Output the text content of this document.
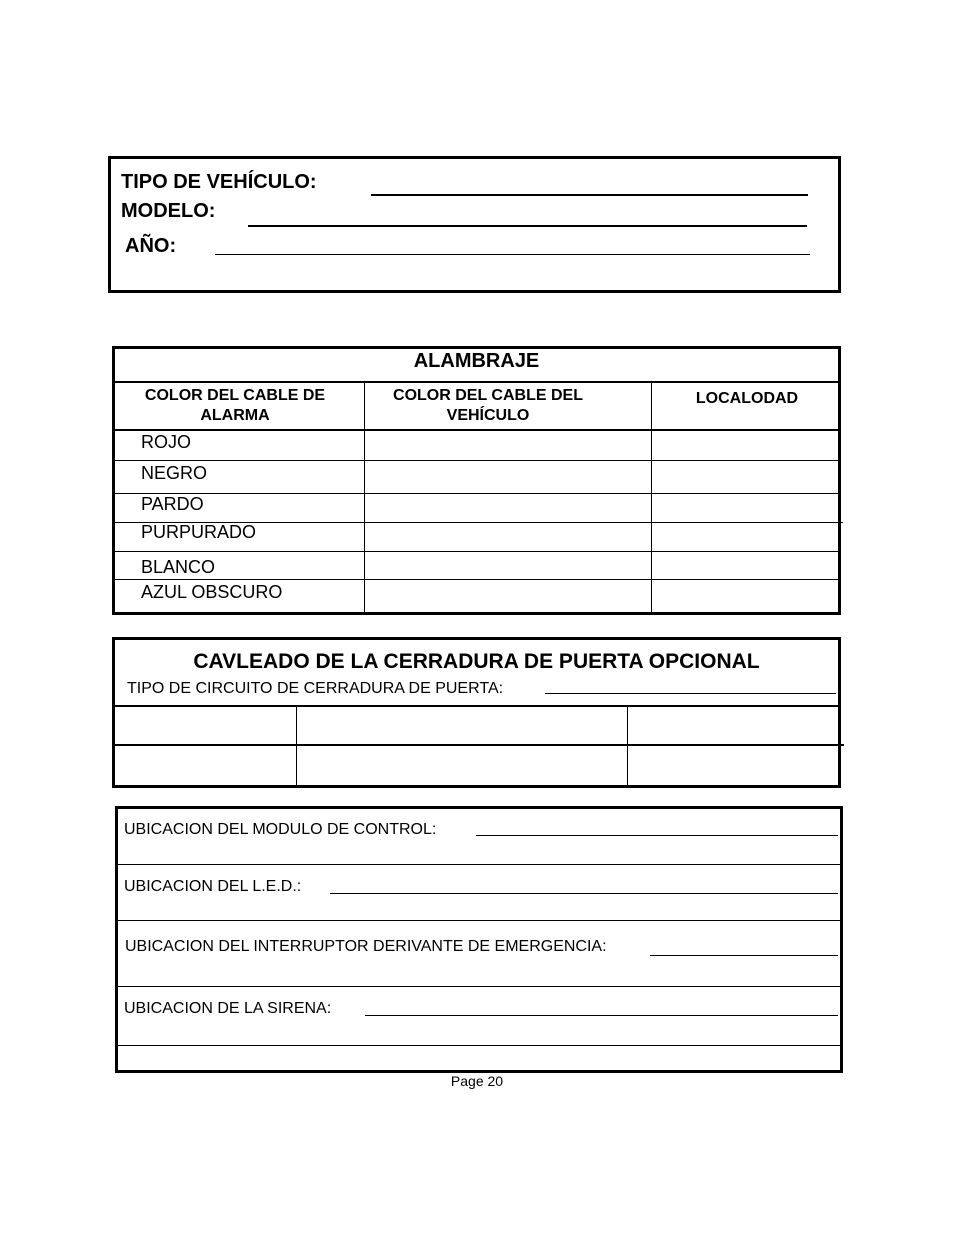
TIPO DE VEHÍCULO:
MODELO:
AÑO:
ALAMBRAJE
COLOR DEL CABLE DE ALARMA
COLOR DEL CABLE DEL VEHÍCULO
LOCALODAD
ROJO
NEGRO
PARDO
PURPURADO
BLANCO
AZUL OBSCURO
CAVLEADO DE LA CERRADURA DE PUERTA OPCIONAL
TIPO DE CIRCUITO DE CERRADURA DE PUERTA:
UBICACION DEL MODULO DE CONTROL:
UBICACION DEL L.E.D.:
UBICACION DEL INTERRUPTOR DERIVANTE DE EMERGENCIA:
UBICACION DE LA SIRENA:
Page 20
